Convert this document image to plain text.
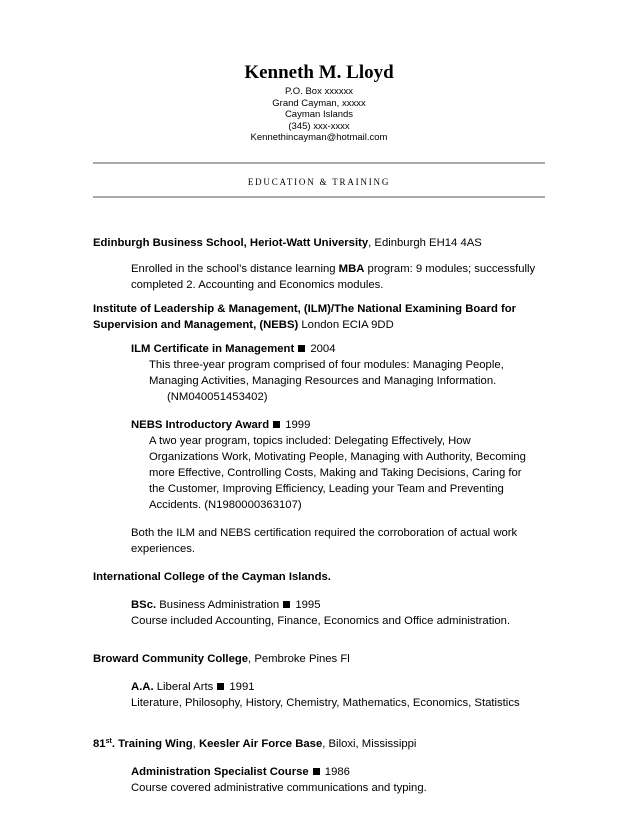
Kenneth M. Lloyd
P.O. Box xxxxxx
Grand Cayman, xxxxx
Cayman Islands
(345) xxx-xxxx
Kennethincayman@hotmail.com
EDUCATION & TRAINING
Edinburgh Business School, Heriot-Watt University, Edinburgh EH14 4AS
Enrolled in the school’s distance learning MBA program: 9 modules; successfully
completed 2. Accounting and Economics modules.
Institute of Leadership & Management, (ILM)/The National Examining Board for
Supervision and Management, (NEBS) London ECIA 9DD
ILM Certificate in Management 2004
This three-year program comprised of four modules: Managing People,
Managing Activities, Managing Resources and Managing Information.
(NM040051453402)
NEBS Introductory Award 1999
A two year program, topics included: Delegating Effectively, How
Organizations Work, Motivating People, Managing with Authority, Becoming
more Effective, Controlling Costs, Making and Taking Decisions, Caring for
the Customer, Improving Efficiency, Leading your Team and Preventing
Accidents. (N1980000363107)
Both the ILM and NEBS certification required the corroboration of actual work
experiences.
International College of the Cayman Islands.
BSc. Business Administration 1995
Course included Accounting, Finance, Economics and Office administration.
Broward Community College, Pembroke Pines Fl
A.A. Liberal Arts 1991
Literature, Philosophy, History, Chemistry, Mathematics, Economics, Statistics
81st. Training Wing, Keesler Air Force Base, Biloxi, Mississippi
Administration Specialist Course 1986
Course covered administrative communications and typing.
